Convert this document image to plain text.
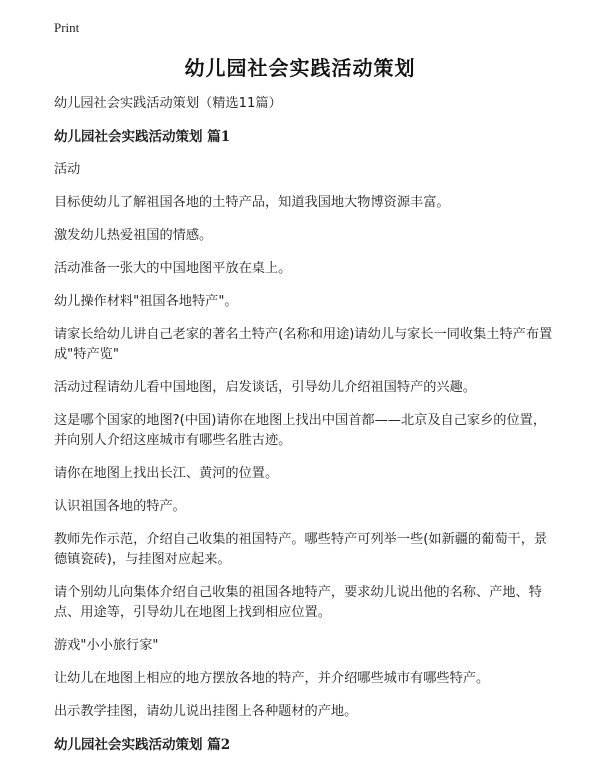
Print
幼儿园社会实践活动策划

幼儿园社会实践活动策划（精选11篇）

幼儿园社会实践活动策划 篇1

活动

目标使幼儿了解祖国各地的土特产品，知道我国地大物博资源丰富。

激发幼儿热爱祖国的情感。

活动准备一张大的中国地图平放在桌上。

幼儿操作材料"祖国各地特产"。

请家长给幼儿讲自己老家的著名土特产(名称和用途)请幼儿与家长一同收集土特产布置成"特产览"

活动过程请幼儿看中国地图，启发谈话，引导幼儿介绍祖国特产的兴趣。

这是哪个国家的地图?(中国)请你在地图上找出中国首都——北京及自己家乡的位置，并向别人介绍这座城市有哪些名胜古迹。

请你在地图上找出长江、黄河的位置。

认识祖国各地的特产。

教师先作示范，介绍自己收集的祖国特产。哪些特产可列举一些(如新疆的葡萄干，景德镇瓷砖)，与挂图对应起来。

请个别幼儿向集体介绍自己收集的祖国各地特产，要求幼儿说出他的名称、产地、特点、用途等，引导幼儿在地图上找到相应位置。

游戏"小小旅行家"

让幼儿在地图上相应的地方摆放各地的特产，并介绍哪些城市有哪些特产。

出示教学挂图，请幼儿说出挂图上各种题材的产地。

幼儿园社会实践活动策划 篇2
